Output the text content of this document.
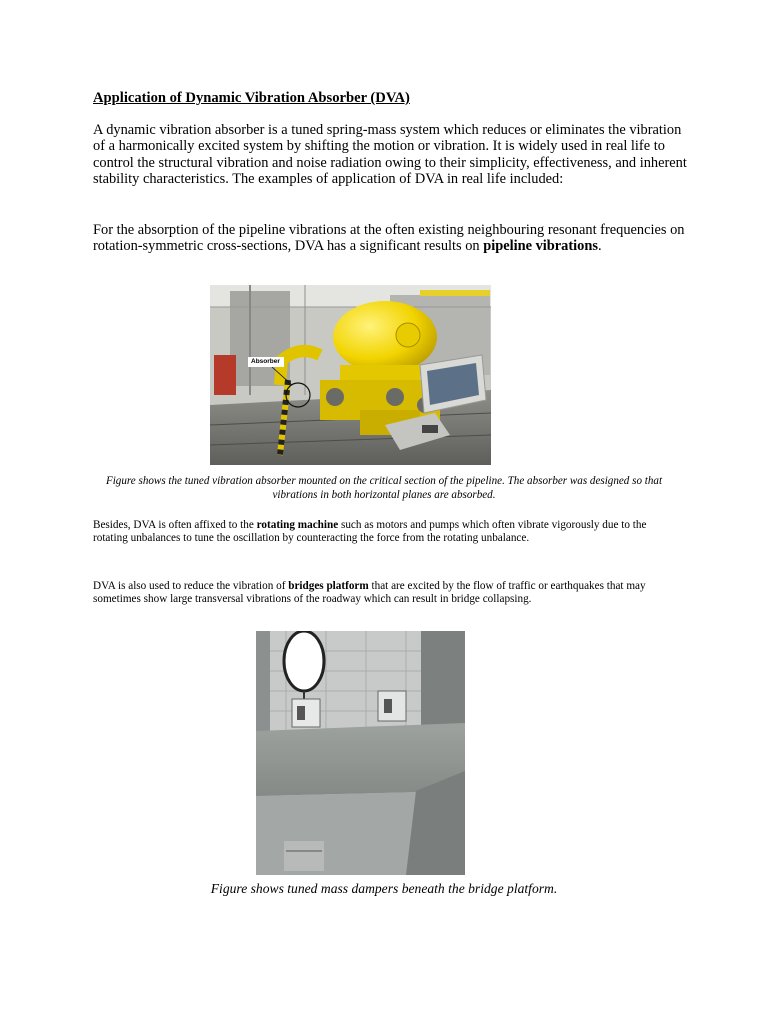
Application of Dynamic Vibration Absorber (DVA)

A dynamic vibration absorber is a tuned spring-mass system which reduces or eliminates the vibration of a harmonically excited system by shifting the motion or vibration. It is widely used in real life to control the structural vibration and noise radiation owing to their simplicity, effectiveness, and inherent stability characteristics. The examples of application of DVA in real life included:

For the absorption of the pipeline vibrations at the often existing neighbouring resonant frequencies on rotation-symmetric cross-sections, DVA has a significant results on pipeline vibrations.

Absorber

Figure shows the tuned vibration absorber mounted on the critical section of the pipeline. The absorber was designed so that vibrations in both horizontal planes are absorbed.

Besides, DVA is often affixed to the rotating machine such as motors and pumps which often vibrate vigorously due to the rotating unbalances to tune the oscillation by counteracting the force from the rotating unbalance.

DVA is also used to reduce the vibration of bridges platform that are excited by the flow of traffic or earthquakes that may sometimes show large transversal vibrations of the roadway which can result in bridge collapsing.

Figure shows tuned mass dampers beneath the bridge platform.
